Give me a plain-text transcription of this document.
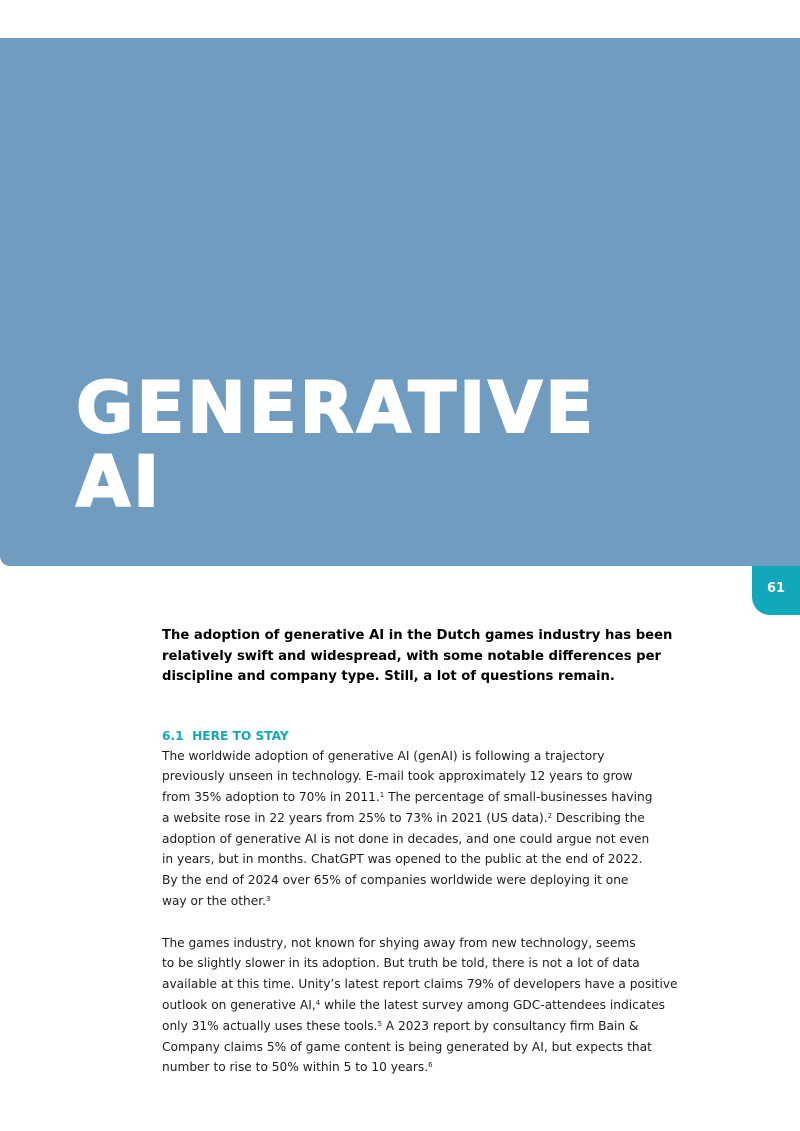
GENERATIVE
AI
61

The adoption of generative AI in the Dutch games industry has been
relatively swift and widespread, with some notable differences per
discipline and company type. Still, a lot of questions remain.

6.1 HERE TO STAY

The worldwide adoption of generative AI (genAI) is following a trajectory
previously unseen in technology. E-mail took approximately 12 years to grow
from 35% adoption to 70% in 2011.$^1$ The percentage of small-businesses having
a website rose in 22 years from 25% to 73% in 2021 (US data).$^2$ Describing the
adoption of generative AI is not done in decades, and one could argue not even
in years, but in months. ChatGPT was opened to the public at the end of 2022.
By the end of 2024 over 65% of companies worldwide were deploying it one
way or the other.$^3$

The games industry, not known for shying away from new technology, seems
to be slightly slower in its adoption. But truth be told, there is not a lot of data
available at this time. Unity’s latest report claims 79% of developers have a positive
outlook on generative AI,$^4$ while the latest survey among GDC-attendees indicates
only 31% actually uses these tools.$^5$ A 2023 report by consultancy firm Bain &
Company claims 5% of game content is being generated by AI, but expects that
number to rise to 50% within 5 to 10 years.$^6$
